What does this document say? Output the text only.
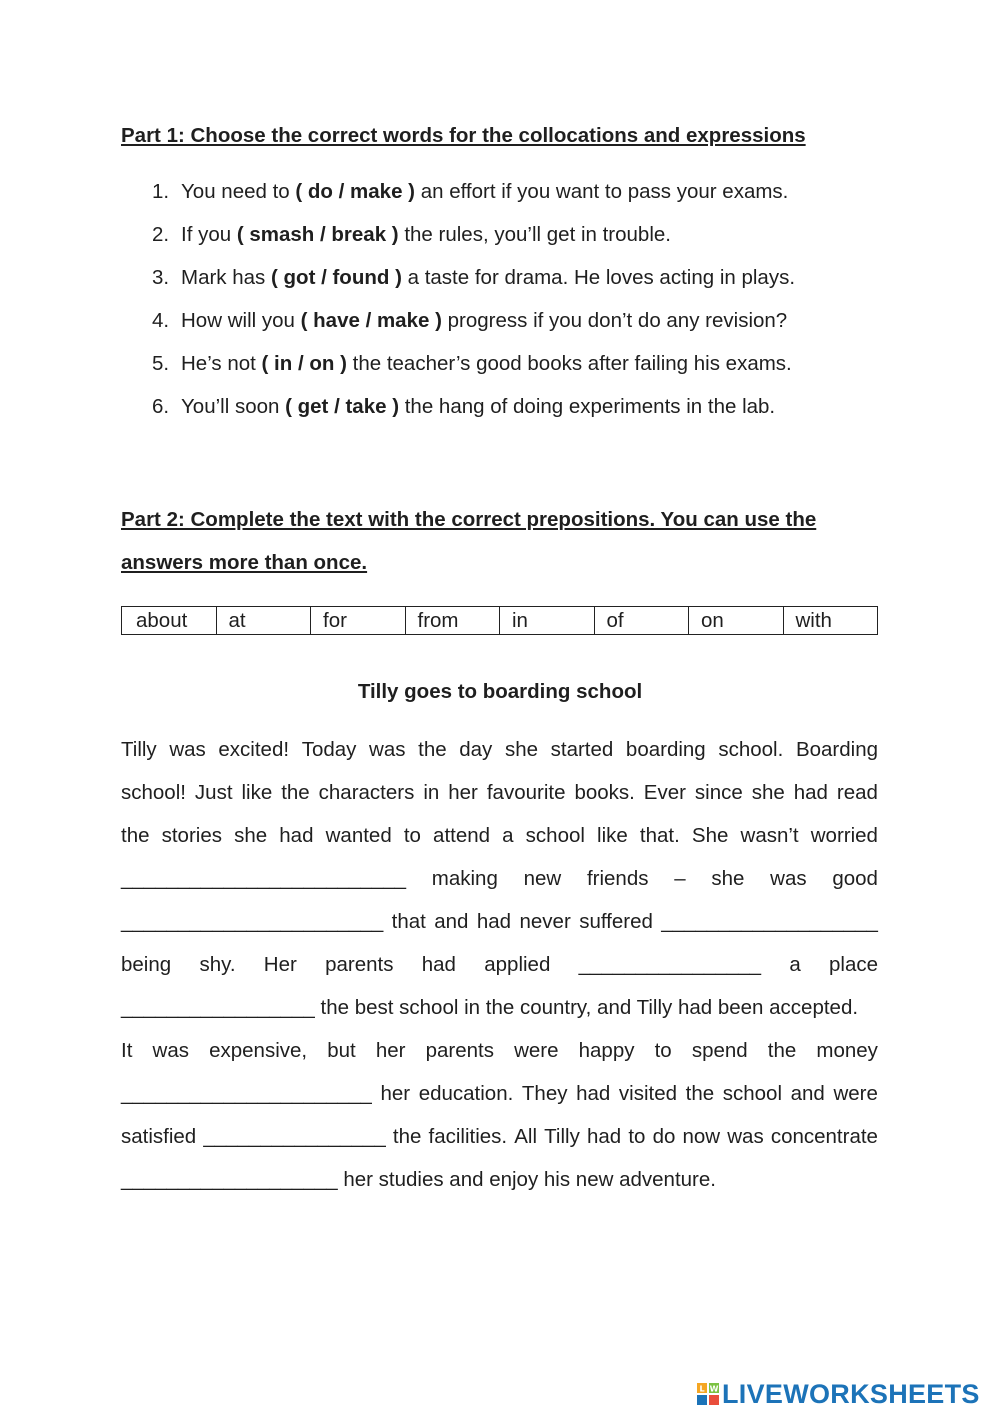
Part 1: Choose the correct words for the collocations and expressions
1. You need to ( do / make ) an effort if you want to pass your exams.
2. If you ( smash / break ) the rules, you’ll get in trouble.
3. Mark has ( got / found ) a taste for drama. He loves acting in plays.
4. How will you ( have / make ) progress if you don’t do any revision?
5. He’s not ( in / on ) the teacher’s good books after failing his exams.
6. You’ll soon ( get / take ) the hang of doing experiments in the lab.
Part 2: Complete the text with the correct prepositions. You can use the
answers more than once.
about	at	for	from	in	of	on	with
Tilly goes to boarding school
Tilly was excited! Today was the day she started boarding school. Boarding
school! Just like the characters in her favourite books. Ever since she had read
the stories she had wanted to attend a school like that. She wasn’t worried
_________________________ making new friends – she was good
_______________________ that and had never suffered ___________________
being shy. Her parents had applied ________________ a place
_________________ the best school in the country, and Tilly had been accepted.
It was expensive, but her parents were happy to spend the money
______________________ her education. They had visited the school and were
satisfied ________________ the facilities. All Tilly had to do now was concentrate
___________________ her studies and enjoy his new adventure.
L W LIVEWORKSHEETS
